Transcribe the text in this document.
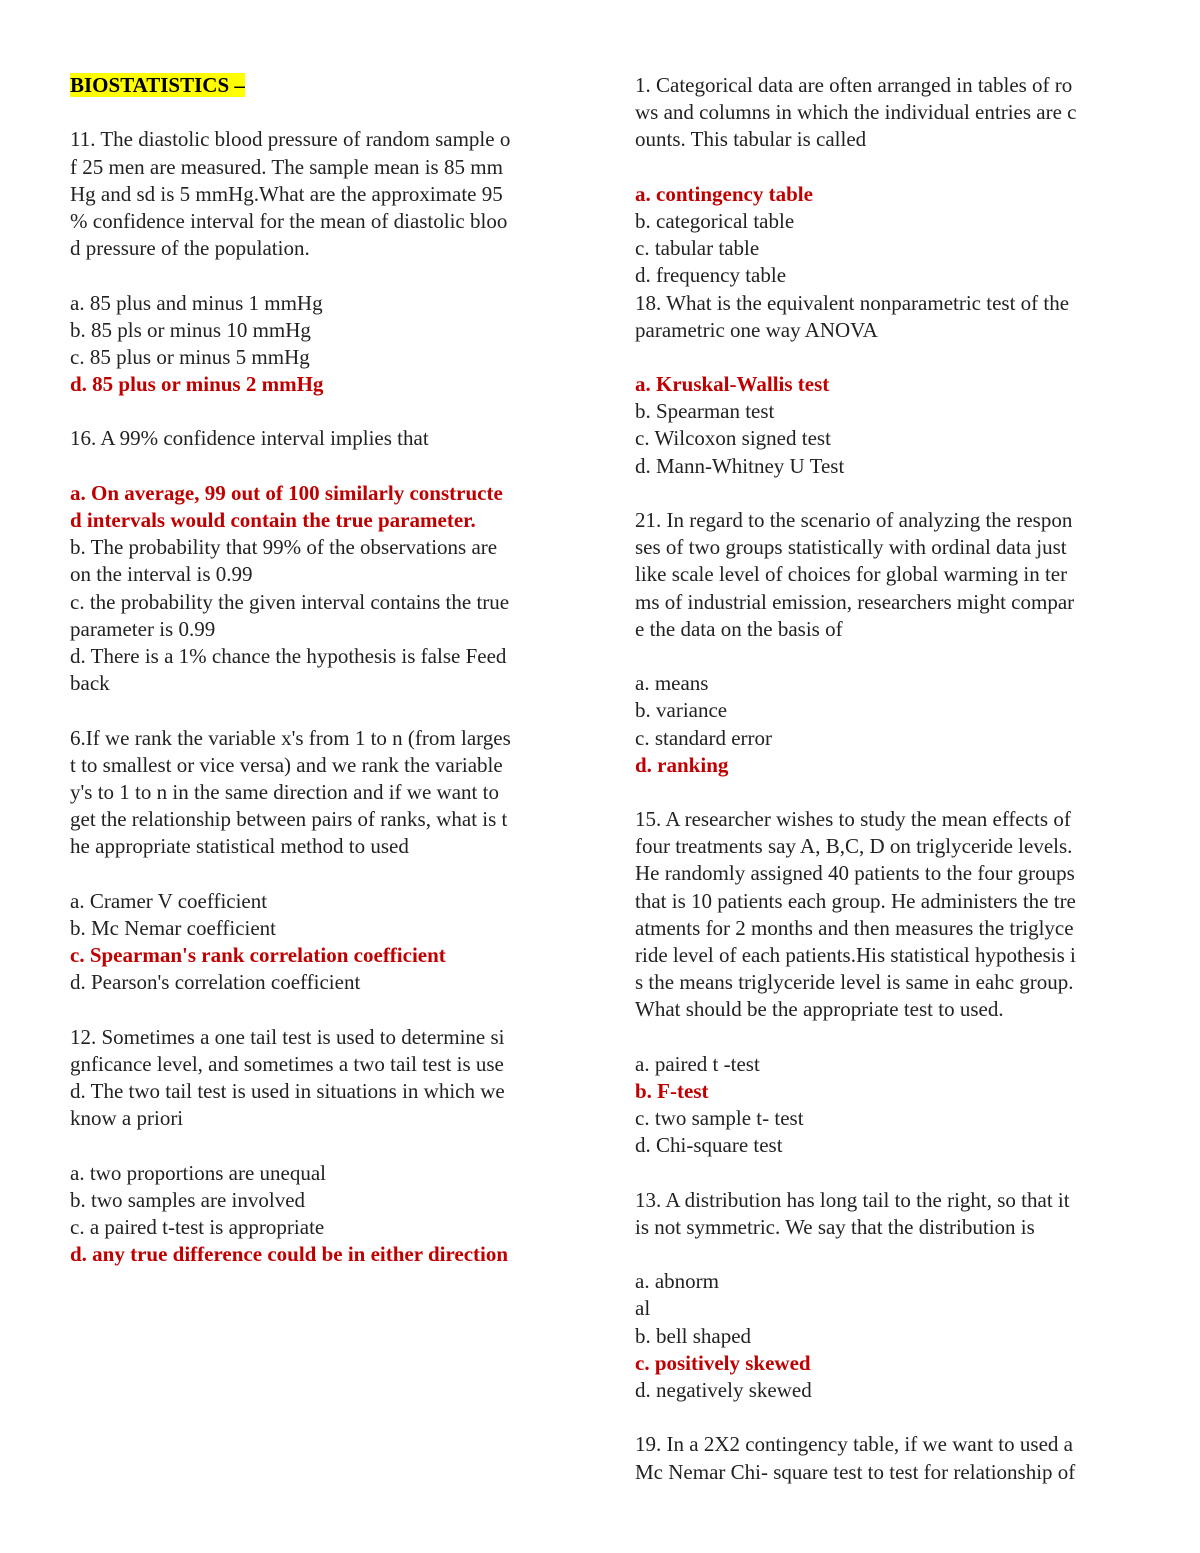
BIOSTATISTICS –
11. The diastolic blood pressure of random sample o
f 25 men are measured. The sample mean is 85 mm
Hg and sd is 5 mmHg.What are the approximate 95
% confidence interval for the mean of diastolic bloo
d pressure of the population.
a. 85 plus and minus 1 mmHg
b. 85 pls or minus 10 mmHg
c. 85 plus or minus 5 mmHg
d. 85 plus or minus 2 mmHg
16. A 99% confidence interval implies that
a. On average, 99 out of 100 similarly constructe
d intervals would contain the true parameter.
b. The probability that 99% of the observations are
on the interval is 0.99
c. the probability the given interval contains the true
parameter is 0.99
d. There is a 1% chance the hypothesis is false Feed
back
6.If we rank the variable x's from 1 to n (from larges
t to smallest or vice versa) and we rank the variable
y's to 1 to n in the same direction and if we want to
get the relationship between pairs of ranks, what is t
he appropriate statistical method to used
a. Cramer V coefficient
b. Mc Nemar coefficient
c. Spearman's rank correlation coefficient
d. Pearson's correlation coefficient
12. Sometimes a one tail test is used to determine si
gnficance level, and sometimes a two tail test is use
d. The two tail test is used in situations in which we
know a priori
a. two proportions are unequal
b. two samples are involved
c. a paired t-test is appropriate
d. any true difference could be in either direction
1. Categorical data are often arranged in tables of ro
ws and columns in which the individual entries are c
ounts. This tabular is called
a. contingency table
b. categorical table
c. tabular table
d. frequency table
18. What is the equivalent nonparametric test of the
parametric one way ANOVA
a. Kruskal-Wallis test
b. Spearman test
c. Wilcoxon signed test
d. Mann-Whitney U Test
21. In regard to the scenario of analyzing the respon
ses of two groups statistically with ordinal data just
like scale level of choices for global warming in ter
ms of industrial emission, researchers might compar
e the data on the basis of
a. means
b. variance
c. standard error
d. ranking
15. A researcher wishes to study the mean effects of
four treatments say A, B,C, D on triglyceride levels.
He randomly assigned 40 patients to the four groups
that is 10 patients each group. He administers the tre
atments for 2 months and then measures the triglyce
ride level of each patients.His statistical hypothesis i
s the means triglyceride level is same in eahc group.
What should be the appropriate test to used.
a. paired t -test
b. F-test
c. two sample t- test
d. Chi-square test
13. A distribution has long tail to the right, so that it
is not symmetric. We say that the distribution is
a. abnorm
al
b. bell shaped
c. positively skewed
d. negatively skewed
19. In a 2X2 contingency table, if we want to used a
Mc Nemar Chi- square test to test for relationship of
